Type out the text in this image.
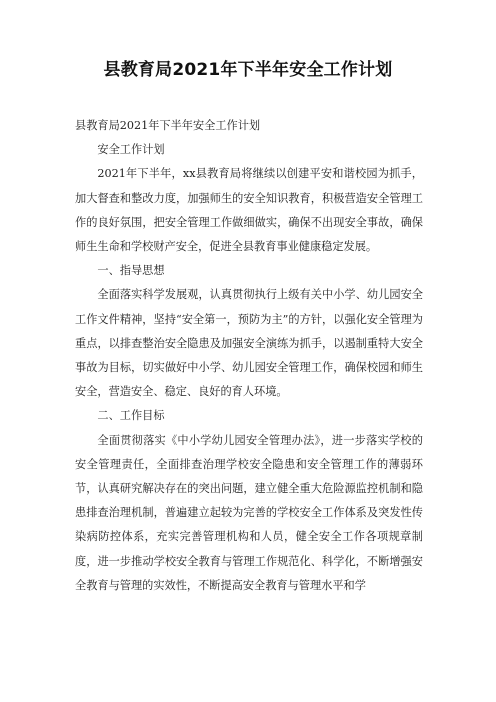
县教育局2021年下半年安全工作计划

县教育局2021年下半年安全工作计划

安全工作计划

2021年下半年，xx县教育局将继续以创建平安和谐校园为抓手，加大督查和整改力度，加强师生的安全知识教育，积极营造安全管理工作的良好氛围，把安全管理工作做细做实，确保不出现安全事故，确保师生生命和学校财产安全，促进全县教育事业健康稳定发展。

一、指导思想

全面落实科学发展观，认真贯彻执行上级有关中小学、幼儿园安全工作文件精神，坚持“安全第一，预防为主”的方针，以强化安全管理为重点，以排查整治安全隐患及加强安全演练为抓手，以遏制重特大安全事故为目标，切实做好中小学、幼儿园安全管理工作，确保校园和师生安全，营造安全、稳定、良好的育人环境。

二、工作目标

全面贯彻落实《中小学幼儿园安全管理办法》，进一步落实学校的安全管理责任，全面排查治理学校安全隐患和安全管理工作的薄弱环节，认真研究解决存在的突出问题，建立健全重大危险源监控机制和隐患排查治理机制，普遍建立起较为完善的学校安全工作体系及突发性传染病防控体系，充实完善管理机构和人员，健全安全工作各项规章制度，进一步推动学校安全教育与管理工作规范化、科学化，不断增强安全教育与管理的实效性，不断提高安全教育与管理水平和学
